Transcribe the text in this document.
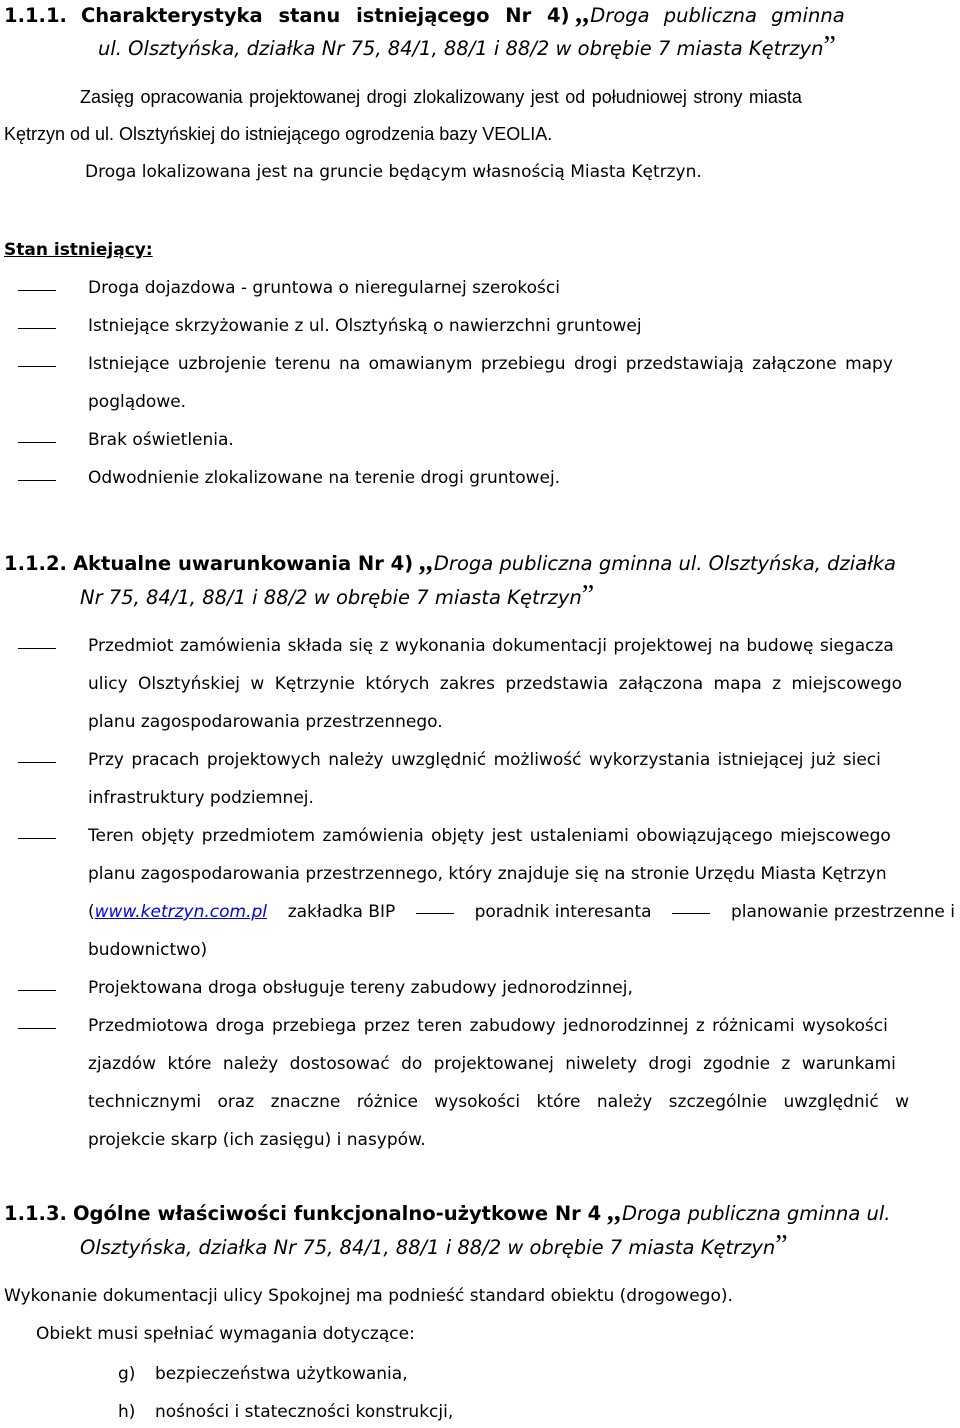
1.1.1. Charakterystyka stanu istniejącego Nr 4) ,,Droga publiczna gminna
ul. Olsztyńska, działka Nr 75, 84/1, 88/1 i 88/2 w obrębie 7 miasta Kętrzyn”
Zasięg opracowania projektowanej drogi zlokalizowany jest od południowej strony miasta
Kętrzyn od ul. Olsztyńskiej do istniejącego ogrodzenia bazy VEOLIA.
Droga lokalizowana jest na gruncie będącym własnością Miasta Kętrzyn.
Stan istniejący:
Droga dojazdowa - gruntowa o nieregularnej szerokości
Istniejące skrzyżowanie z ul. Olsztyńską o nawierzchni gruntowej
Istniejące uzbrojenie terenu na omawianym przebiegu drogi przedstawiają załączone mapy
poglądowe.
Brak oświetlenia.
Odwodnienie zlokalizowane na terenie drogi gruntowej.
1.1.2. Aktualne uwarunkowania Nr 4) ,,Droga publiczna gminna ul. Olsztyńska, działka
Nr 75, 84/1, 88/1 i 88/2 w obrębie 7 miasta Kętrzyn”
Przedmiot zamówienia składa się z wykonania dokumentacji projektowej na budowę siegacza
ulicy Olsztyńskiej w Kętrzynie których zakres przedstawia załączona mapa z miejscowego
planu zagospodarowania przestrzennego.
Przy pracach projektowych należy uwzględnić możliwość wykorzystania istniejącej już sieci
infrastruktury podziemnej.
Teren objęty przedmiotem zamówienia objęty jest ustaleniami obowiązującego miejscowego
planu zagospodarowania przestrzennego, który znajduje się na stronie Urzędu Miasta Kętrzyn
(www.ketrzyn.com.pl zakładka BIP	poradnik interesanta	planowanie przestrzenne i
budownictwo)
Projektowana droga obsługuje tereny zabudowy jednorodzinnej,
Przedmiotowa droga przebiega przez teren zabudowy jednorodzinnej z różnicami wysokości
zjazdów które należy dostosować do projektowanej niwelety drogi zgodnie z warunkami
technicznymi oraz znaczne różnice wysokości które należy szczególnie uwzględnić w
projekcie skarp (ich zasięgu) i nasypów.
1.1.3. Ogólne właściwości funkcjonalno-użytkowe Nr 4 ,,Droga publiczna gminna ul.
Olsztyńska, działka Nr 75, 84/1, 88/1 i 88/2 w obrębie 7 miasta Kętrzyn”
Wykonanie dokumentacji ulicy Spokojnej ma podnieść standard obiektu (drogowego).
Obiekt musi spełniać wymagania dotyczące:
g) bezpieczeństwa użytkowania,
h) nośności i stateczności konstrukcji,
